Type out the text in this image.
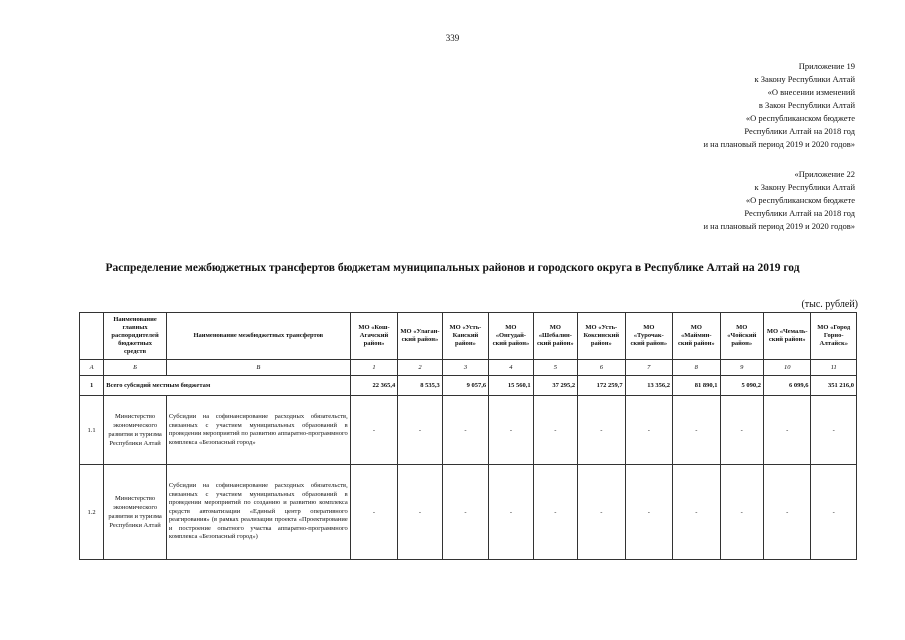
339
Приложение 19
к Закону Республики Алтай
«О внесении изменений
в Закон Республики Алтай
«О республиканском бюджете
Республики Алтай на 2018 год
и на плановый период 2019 и 2020 годов»
«Приложение 22
к Закону Республики Алтай
«О республиканском бюджете
Республики Алтай на 2018 год
и на плановый период 2019 и 2020 годов»
Распределение межбюджетных трансфертов бюджетам муниципальных районов и городского округа в Республике Алтай на 2019 год
(тыс. рублей)
	Наименование главных распорядителей бюджетных средств	Наименование межбюджетных трансфертов	МО «Кош-Агачский район»	МО «Улаган-ский район»	МО «Усть-Канский район»	МО «Онгудай-ский район»	МО «Шебалин-ский район»	МО «Усть-Коксинский район»	МО «Турочак-ский район»	МО «Маймин-ский район»	МО «Чойский район»	МО «Чемаль-ский район»	МО «Город Горно-Алтайск»
А	Б	В	1	2	3	4	5	6	7	8	9	10	11
1	Всего субсидий местным бюджетам		22 365,4	8 535,3	9 057,6	15 560,1	37 295,2	172 259,7	13 356,2	81 890,1	5 090,2	6 099,6	351 216,0
1.1	Министерство экономического развития и туризма Республики Алтай	Субсидии на софинансирование расходных обязательств, связанных с участием муниципальных образований в проведении мероприятий по развитию аппаратно-программного комплекса «Безопасный город»	-	-	-	-	-	-	-	-	-	-	-
1.2	Министерство экономического развития и туризма Республики Алтай	Субсидии на софинансирование расходных обязательств, связанных с участием муниципальных образований в проведении мероприятий по созданию и развитию комплекса средств автоматизации «Единый центр оперативного реагирования» (в рамках реализации проекта «Проектирование и построение опытного участка аппаратно-программного комплекса «Безопасный город»)	-	-	-	-	-	-	-	-	-	-	-
